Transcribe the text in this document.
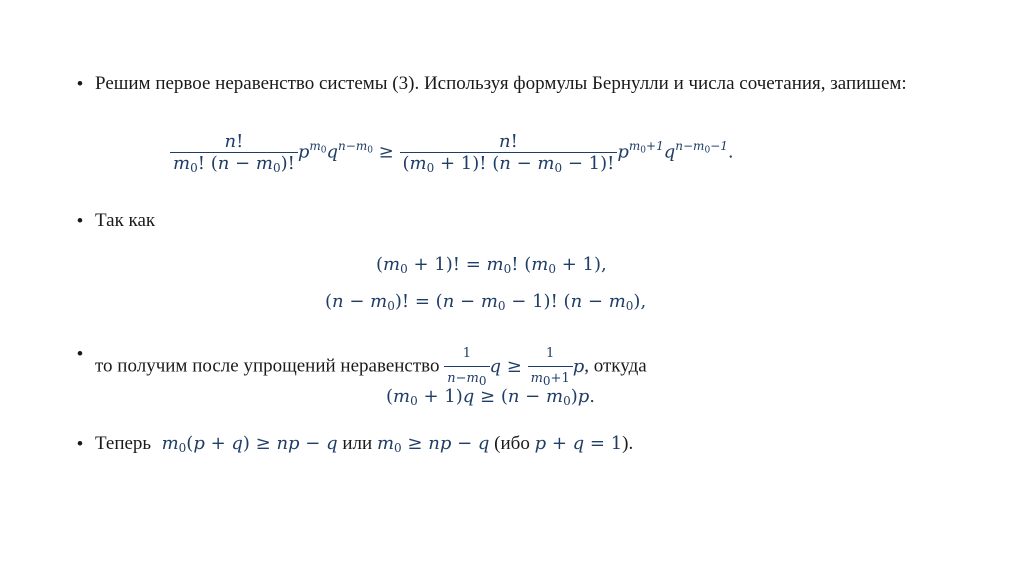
• Решим первое неравенство системы (3). Используя формулы Бернулли и числа сочетания, запишем:
$\frac{n!}{m_0! (n - m_0)!} p^{m_0}q^{n-m_0} \ge \frac{n!}{(m_0 + 1)! (n - m_0 - 1)!} p^{m_0+1}q^{n-m_0-1}$.
• Так как
$(m_0 + 1)$! = $m_0$! $(m_0 + 1)$,
$(n - m_0)$! = $(n - m_0 - 1)$! $(n - m_0)$,
•
то получим после упрощений неравенство $\frac{1}{n-m_0}$ $q \ge \frac{1}{m_0+1} p$, откуда
$(m_0 + 1)q \ge (n - m_0)p$.
• Теперь  $m_0(p + q)$ ≥ np − q или $m_0$ ≥ np − q (ибо p + q = 1).
